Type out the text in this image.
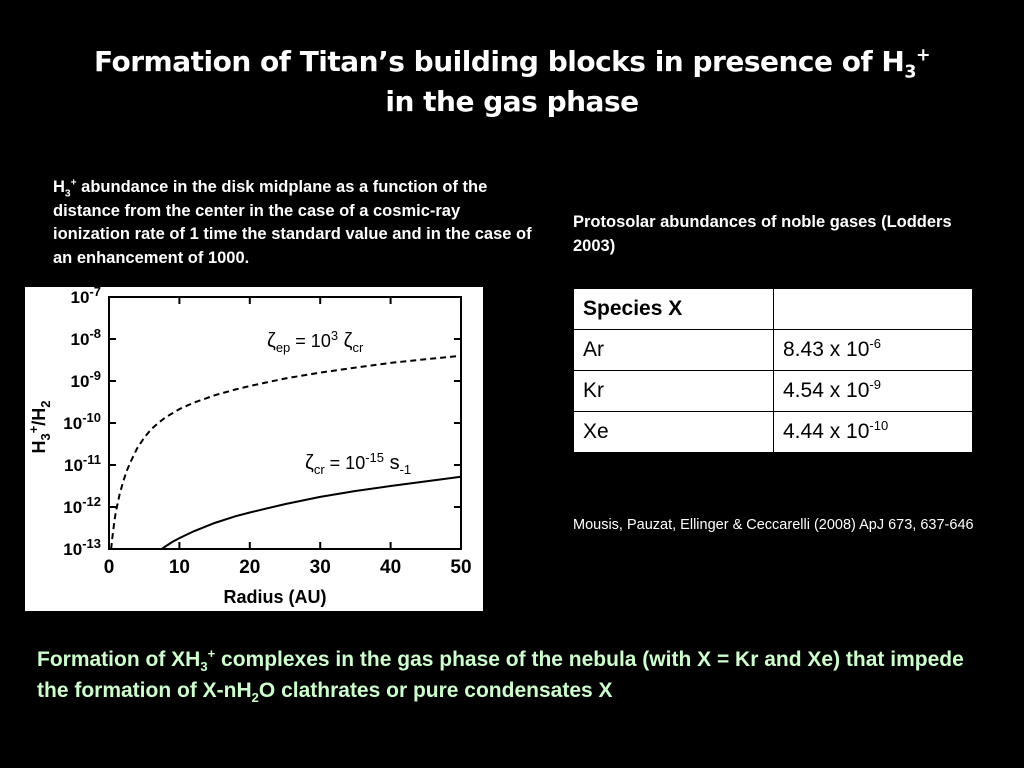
Formation of Titan’s building blocks in presence of $H_3^+$
in the gas phase
$H_3^+$ abundance in the disk midplane as a function of the distance from the center in the case of a cosmic-ray ionization rate of 1 time the standard value and in the case of an enhancement of 1000.
Protosolar abundances of noble gases (Lodders 2003)
0	10	20	30	40	50
$10^{-7}$
$10^{-8}$
$10^{-9}$
$10^{-10}$
$10^{-11}$
$10^{-12}$
$10^{-13}$
Radius (AU)
$H_3^+/H_2$
$\zeta_{ep} = 10^3$ $\zeta_{cr}$
$\zeta_{cr} = 10^{-15}$ $s_{-1}$
Species X	
Ar	8.43 x $10^{-6}$
Kr	4.54 x $10^{-9}$
Xe	4.44 x $10^{-10}$
Mousis, Pauzat, Ellinger & Ceccarelli (2008) ApJ 673, 637-646
Formation of $XH_3^+$ complexes in the gas phase of the nebula (with X = Kr and Xe) that impede the formation of $X-nH_2O$ clathrates or pure condensates X
